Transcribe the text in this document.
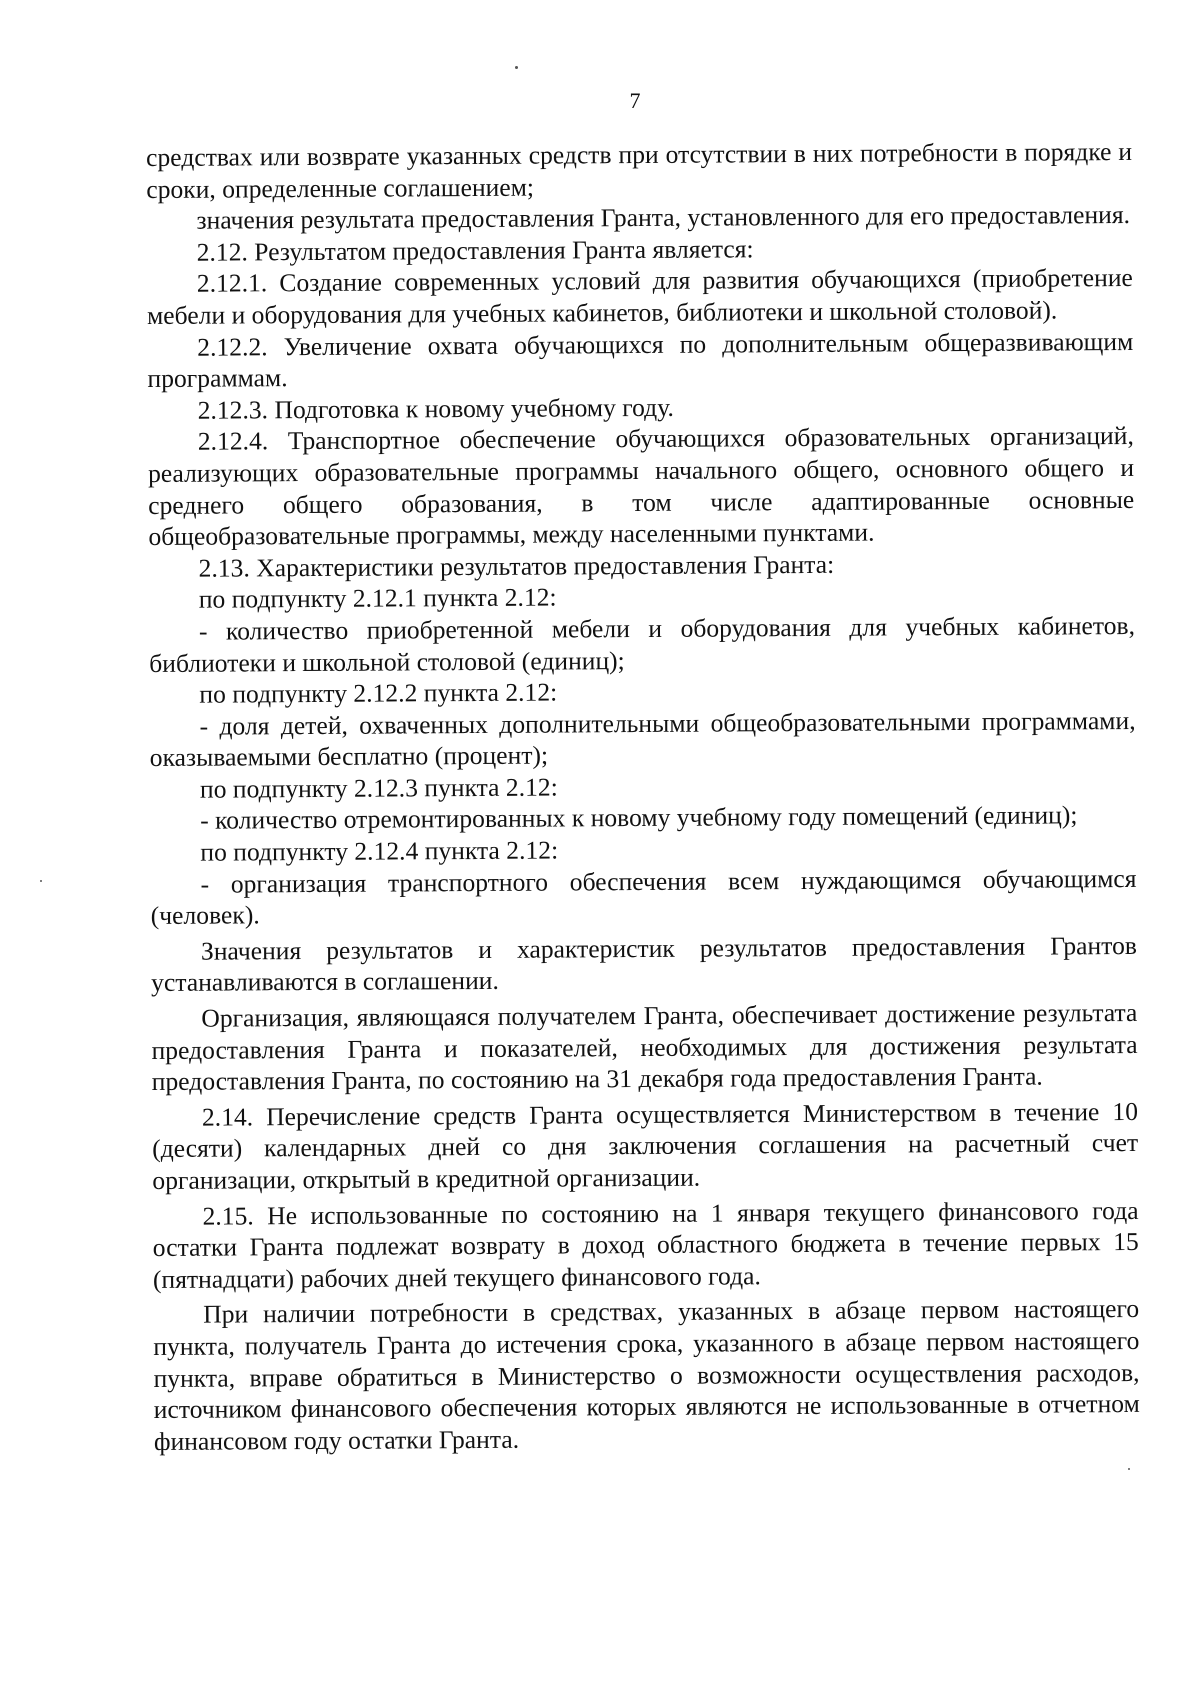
7

средствах или возврате указанных средств при отсутствии в них потребности в порядке и сроки, определенные соглашением;

значения результата предоставления Гранта, установленного для его предоставления.

2.12. Результатом предоставления Гранта является:

2.12.1. Создание современных условий для развития обучающихся (приобретение мебели и оборудования для учебных кабинетов, библиотеки и школьной столовой).

2.12.2. Увеличение охвата обучающихся по дополнительным общеразвивающим программам.

2.12.3. Подготовка к новому учебному году.

2.12.4. Транспортное обеспечение обучающихся образовательных организаций, реализующих образовательные программы начального общего, основного общего и среднего общего образования, в том числе адаптированные основные общеобразовательные программы, между населенными пунктами.

2.13. Характеристики результатов предоставления Гранта:

по подпункту 2.12.1 пункта 2.12:

- количество приобретенной мебели и оборудования для учебных кабинетов, библиотеки и школьной столовой (единиц);

по подпункту 2.12.2 пункта 2.12:

- доля детей, охваченных дополнительными общеобразовательными программами, оказываемыми бесплатно (процент);

по подпункту 2.12.3 пункта 2.12:

- количество отремонтированных к новому учебному году помещений (единиц);

по подпункту 2.12.4 пункта 2.12:

- организация транспортного обеспечения всем нуждающимся обучающимся (человек).

Значения результатов и характеристик результатов предоставления Грантов устанавливаются в соглашении.

Организация, являющаяся получателем Гранта, обеспечивает достижение результата предоставления Гранта и показателей, необходимых для достижения результата предоставления Гранта, по состоянию на 31 декабря года предоставления Гранта.

2.14. Перечисление средств Гранта осуществляется Министерством в течение 10 (десяти) календарных дней со дня заключения соглашения на расчетный счет организации, открытый в кредитной организации.

2.15. Не использованные по состоянию на 1 января текущего финансового года остатки Гранта подлежат возврату в доход областного бюджета в течение первых 15 (пятнадцати) рабочих дней текущего финансового года.

При наличии потребности в средствах, указанных в абзаце первом настоящего пункта, получатель Гранта до истечения срока, указанного в абзаце первом настоящего пункта, вправе обратиться в Министерство о возможности осуществления расходов, источником финансового обеспечения которых являются не использованные в отчетном финансовом году остатки Гранта.
